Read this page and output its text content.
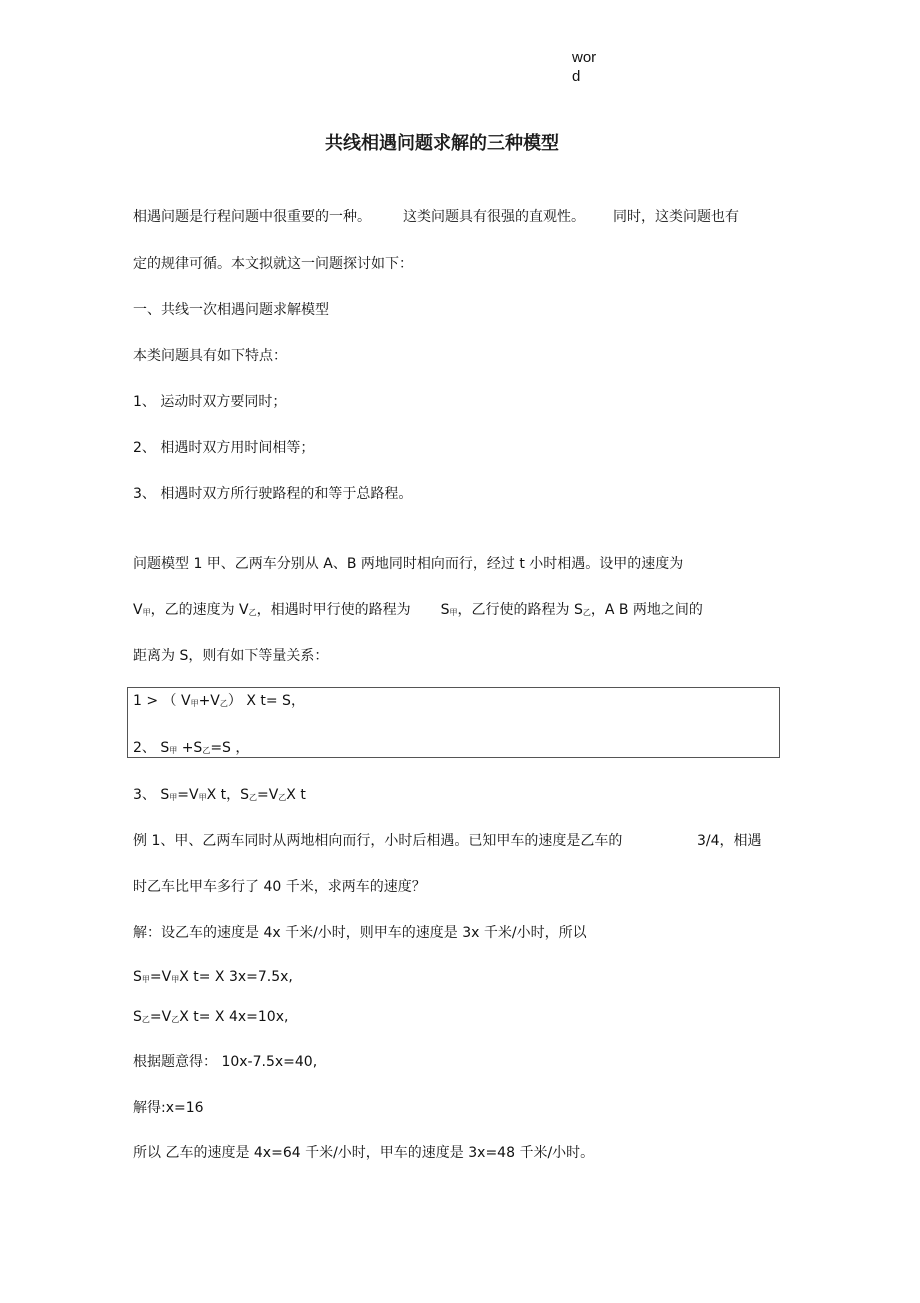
wor
d
共线相遇问题求解的三种模型
相遇问题是行程问题中很重要的一种。 这类问题具有很强的直观性。 同时，这类问题也有
定的规律可循。本文拟就这一问题探讨如下：
一、共线一次相遇问题求解模型
本类问题具有如下特点：
1、 运动时双方要同时；
2、 相遇时双方用时间相等；
3、 相遇时双方所行驶路程的和等于总路程。
问题模型 1 甲、乙两车分别从 A、B 两地同时相向而行，经过 t 小时相遇。设甲的速度为
V甲，乙的速度为 V乙，相遇时甲行使的路程为 S甲，乙行使的路程为 S乙，A B 两地之间的
距离为 S，则有如下等量关系：
1 > （ V甲+V乙） X t= S，
2、 S甲 +S乙=S ，
3、 S甲=V甲X t，S乙=V乙X t
例 1、甲、乙两车同时从两地相向而行，小时后相遇。已知甲车的速度是乙车的	3/4，相遇
时乙车比甲车多行了 40 千米，求两车的速度？
解：设乙车的速度是 4x 千米/小时，则甲车的速度是 3x 千米/小时，所以
S甲=V甲X t= X 3x=7.5x,
S乙=V乙X t= X 4x=10x,
根据题意得： 10x-7.5x=40,
解得:x=16
所以 乙车的速度是 4x=64 千米/小时，甲车的速度是 3x=48 千米/小时。
